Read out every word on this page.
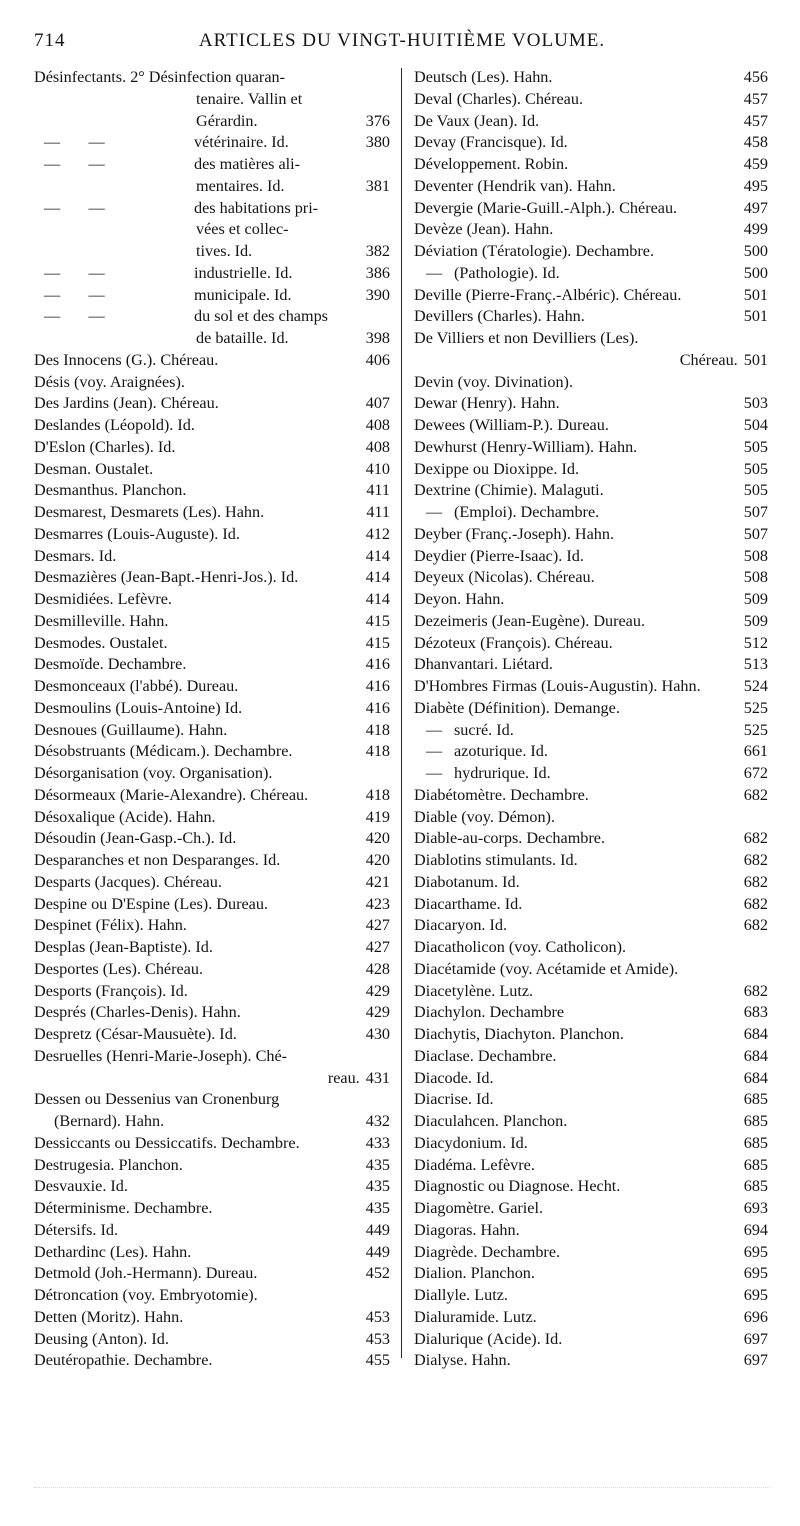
714	ARTICLES DU VINGT-HUITIÈME VOLUME.
Désinfectants. 2° Désinfection quaran-
tenaire. Vallin et
Gérardin.	376
— vétérinaire. Id.	380
— des matières ali-
mentaires. Id.	381
— des habitations pri-
vées et collec-
tives. Id.	382
— industrielle. Id.	386
— municipale. Id.	390
— du sol et des champs
de bataille. Id.	398
Des Innocens (G.). Chéreau.	406
Désis (voy. Araignées).
Des Jardins (Jean). Chéreau.	407
Deslandes (Léopold). Id.	408
D'Eslon (Charles). Id.	408
Desman. Oustalet.	410
Desmanthus. Planchon.	411
Desmarest, Desmarets (Les). Hahn.	411
Desmarres (Louis-Auguste). Id.	412
Desmars. Id.	414
Desmazières (Jean-Bapt.-Henri-Jos.). Id.	414
Desmidiées. Lefèvre.	414
Desmilleville. Hahn.	415
Desmodes. Oustalet.	415
Desmoïde. Dechambre.	416
Desmonceaux (l'abbé). Dureau.	416
Desmoulins (Louis-Antoine) Id.	416
Desnoues (Guillaume). Hahn.	418
Désobstruants (Médicam.). Dechambre.	418
Désorganisation (voy. Organisation).
Désormeaux (Marie-Alexandre). Chéreau.	418
Désoxalique (Acide). Hahn.	419
Désoudin (Jean-Gasp.-Ch.). Id.	420
Desparanches et non Desparanges. Id.	420
Desparts (Jacques). Chéreau.	421
Despine ou D'Espine (Les). Dureau.	423
Despinet (Félix). Hahn.	427
Desplas (Jean-Baptiste). Id.	427
Desportes (Les). Chéreau.	428
Desports (François). Id.	429
Després (Charles-Denis). Hahn.	429
Despretz (César-Mausuète). Id.	430
Desruelles (Henri-Marie-Joseph). Ché-
reau. 431
Dessen ou Dessenius van Cronenburg
(Bernard). Hahn.	432
Dessiccants ou Dessiccatifs. Dechambre.	433
Destrugesia. Planchon.	435
Desvauxie. Id.	435
Déterminisme. Dechambre.	435
Détersifs. Id.	449
Dethardinc (Les). Hahn.	449
Detmold (Joh.-Hermann). Dureau.	452
Détroncation (voy. Embryotomie).
Detten (Moritz). Hahn.	453
Deusing (Anton). Id.	453
Deutéropathie. Dechambre.	455
Deutsch (Les). Hahn.	456
Deval (Charles). Chéreau.	457
De Vaux (Jean). Id.	457
Devay (Francisque). Id.	458
Développement. Robin.	459
Deventer (Hendrik van). Hahn.	495
Devergie (Marie-Guill.-Alph.). Chéreau.	497
Devèze (Jean). Hahn.	499
Déviation (Tératologie). Dechambre.	500
— (Pathologie). Id.	500
Deville (Pierre-Franç.-Albéric). Chéreau.	501
Devillers (Charles). Hahn.	501
De Villiers et non Devilliers (Les).
Chéreau. 501
Devin (voy. Divination).
Dewar (Henry). Hahn.	503
Dewees (William-P.). Dureau.	504
Dewhurst (Henry-William). Hahn.	505
Dexippe ou Dioxippe. Id.	505
Dextrine (Chimie). Malaguti.	505
— (Emploi). Dechambre.	507
Deyber (Franç.-Joseph). Hahn.	507
Deydier (Pierre-Isaac). Id.	508
Deyeux (Nicolas). Chéreau.	508
Deyon. Hahn.	509
Dezeimeris (Jean-Eugène). Dureau.	509
Dézoteux (François). Chéreau.	512
Dhanvantari. Liétard.	513
D'Hombres Firmas (Louis-Augustin). Hahn.	524
Diabète (Définition). Demange.	525
— sucré. Id.	525
— azoturique. Id.	661
— hydrurique. Id.	672
Diabétomètre. Dechambre.	682
Diable (voy. Démon).
Diable-au-corps. Dechambre.	682
Diablotins stimulants. Id.	682
Diabotanum. Id.	682
Diacarthame. Id.	682
Diacaryon. Id.	682
Diacatholicon (voy. Catholicon).
Diacétamide (voy. Acétamide et Amide).
Diacetylène. Lutz.	682
Diachylon. Dechambre	683
Diachytis, Diachyton. Planchon.	684
Diaclase. Dechambre.	684
Diacode. Id.	684
Diacrise. Id.	685
Diaculahcen. Planchon.	685
Diacydonium. Id.	685
Diadéma. Lefèvre.	685
Diagnostic ou Diagnose. Hecht.	685
Diagomètre. Gariel.	693
Diagoras. Hahn.	694
Diagrède. Dechambre.	695
Dialion. Planchon.	695
Diallyle. Lutz.	695
Dialuramide. Lutz.	696
Dialurique (Acide). Id.	697
Dialyse. Hahn.	697
